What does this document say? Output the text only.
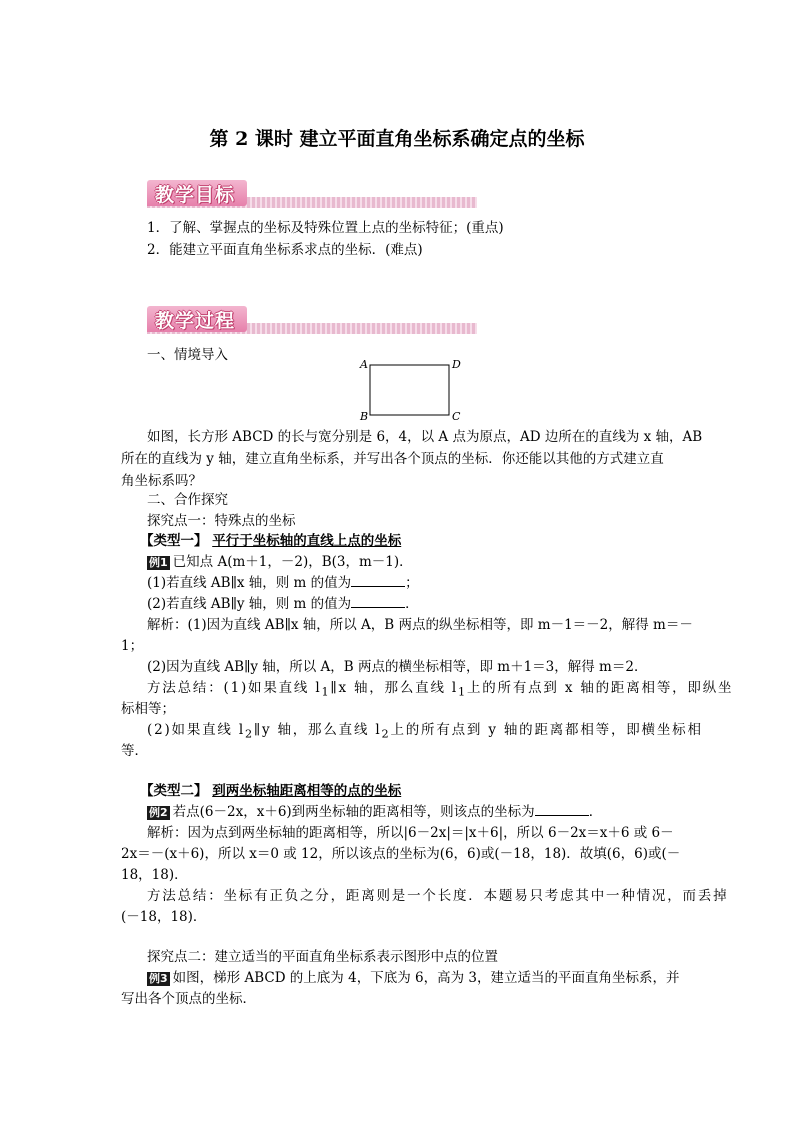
第 2 课时 建立平面直角坐标系确定点的坐标
教学目标
1．了解、掌握点的坐标及特殊位置上点的坐标特征；(重点)
2．能建立平面直角坐标系求点的坐标．(难点)
教学过程
一、情境导入
A	D
B	C
如图，长方形 ABCD 的长与宽分别是 6，4，以 A 点为原点，AD 边所在的直线为 x 轴，AB
所在的直线为 y 轴，建立直角坐标系，并写出各个顶点的坐标．你还能以其他的方式建立直
角坐标系吗？
二、合作探究
探究点一：特殊点的坐标
【类型一】 平行于坐标轴的直线上点的坐标
例1 已知点 A(m＋1，－2)，B(3，m－1)．
(1)若直线 AB∥x 轴，则 m 的值为	；
(2)若直线 AB∥y 轴，则 m 的值为	．
解析：(1)因为直线 AB∥x 轴，所以 A，B 两点的纵坐标相等，即 m－1＝－2，解得 m＝－
1；
(2)因为直线 AB∥y 轴，所以 A，B 两点的横坐标相等，即 m＋1＝3，解得 m＝2．
方法总结：(1)如果直线 $l_1\parallel x$ 轴，那么直线 $l_1$上的所有点到 x 轴的距离相等，即纵坐
标相等；
(2)如果直线 $l_2\parallel y$ 轴，那么直线 $l_2$上的所有点到 y 轴的距离都相等，即横坐标相
等．
【类型二】 到两坐标轴距离相等的点的坐标
例2 若点(6－2x，x＋6)到两坐标轴的距离相等，则该点的坐标为	．
解析：因为点到两坐标轴的距离相等，所以|6－2x|＝|x＋6|，所以 6－2x＝x＋6 或 6－
2x＝－(x＋6)，所以 x＝0 或 12，所以该点的坐标为(6，6)或(－18，18)．故填(6，6)或(－
18，18)．
方法总结：坐标有正负之分，距离则是一个长度．本题易只考虑其中一种情况，而丢掉
(－18，18)．
探究点二：建立适当的平面直角坐标系表示图形中点的位置
例3 如图，梯形 ABCD 的上底为 4，下底为 6，高为 3，建立适当的平面直角坐标系，并
写出各个顶点的坐标．
